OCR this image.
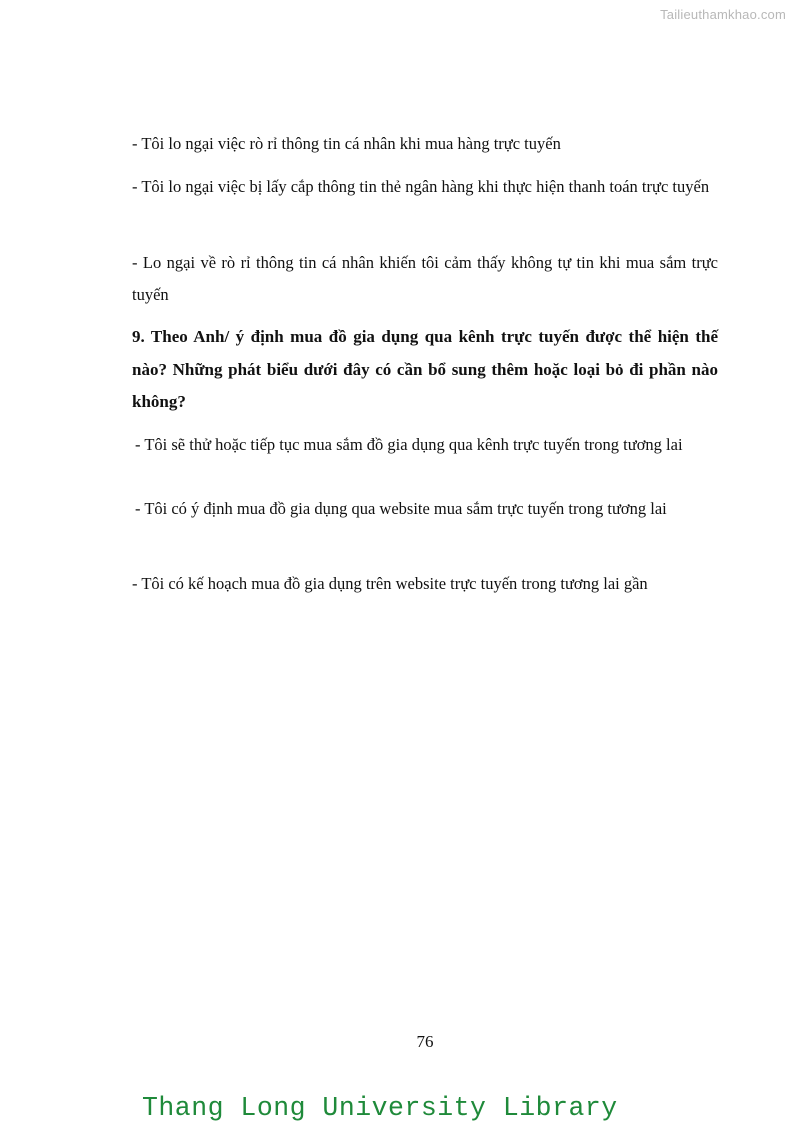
Tailieuthamkhao.com
- Tôi lo ngại việc rò rỉ thông tin cá nhân khi mua hàng trực tuyến
- Tôi lo ngại việc bị lấy cắp thông tin thẻ ngân hàng khi thực hiện thanh toán trực tuyến
- Lo ngại về rò rỉ thông tin cá nhân khiến tôi cảm thấy không tự tin khi mua sắm trực tuyến
9. Theo Anh/ ý định mua đồ gia dụng qua kênh trực tuyến được thể hiện thế nào? Những phát biểu dưới đây có cần bổ sung thêm hoặc loại bỏ đi phần nào không?
- Tôi sẽ thử hoặc tiếp tục mua sắm đồ gia dụng qua kênh trực tuyến trong tương lai
- Tôi có ý định mua đồ gia dụng qua website mua sắm trực tuyến trong tương lai
- Tôi có kế hoạch mua đồ gia dụng trên website trực tuyến trong tương lai gần
76
Thang Long University Library
